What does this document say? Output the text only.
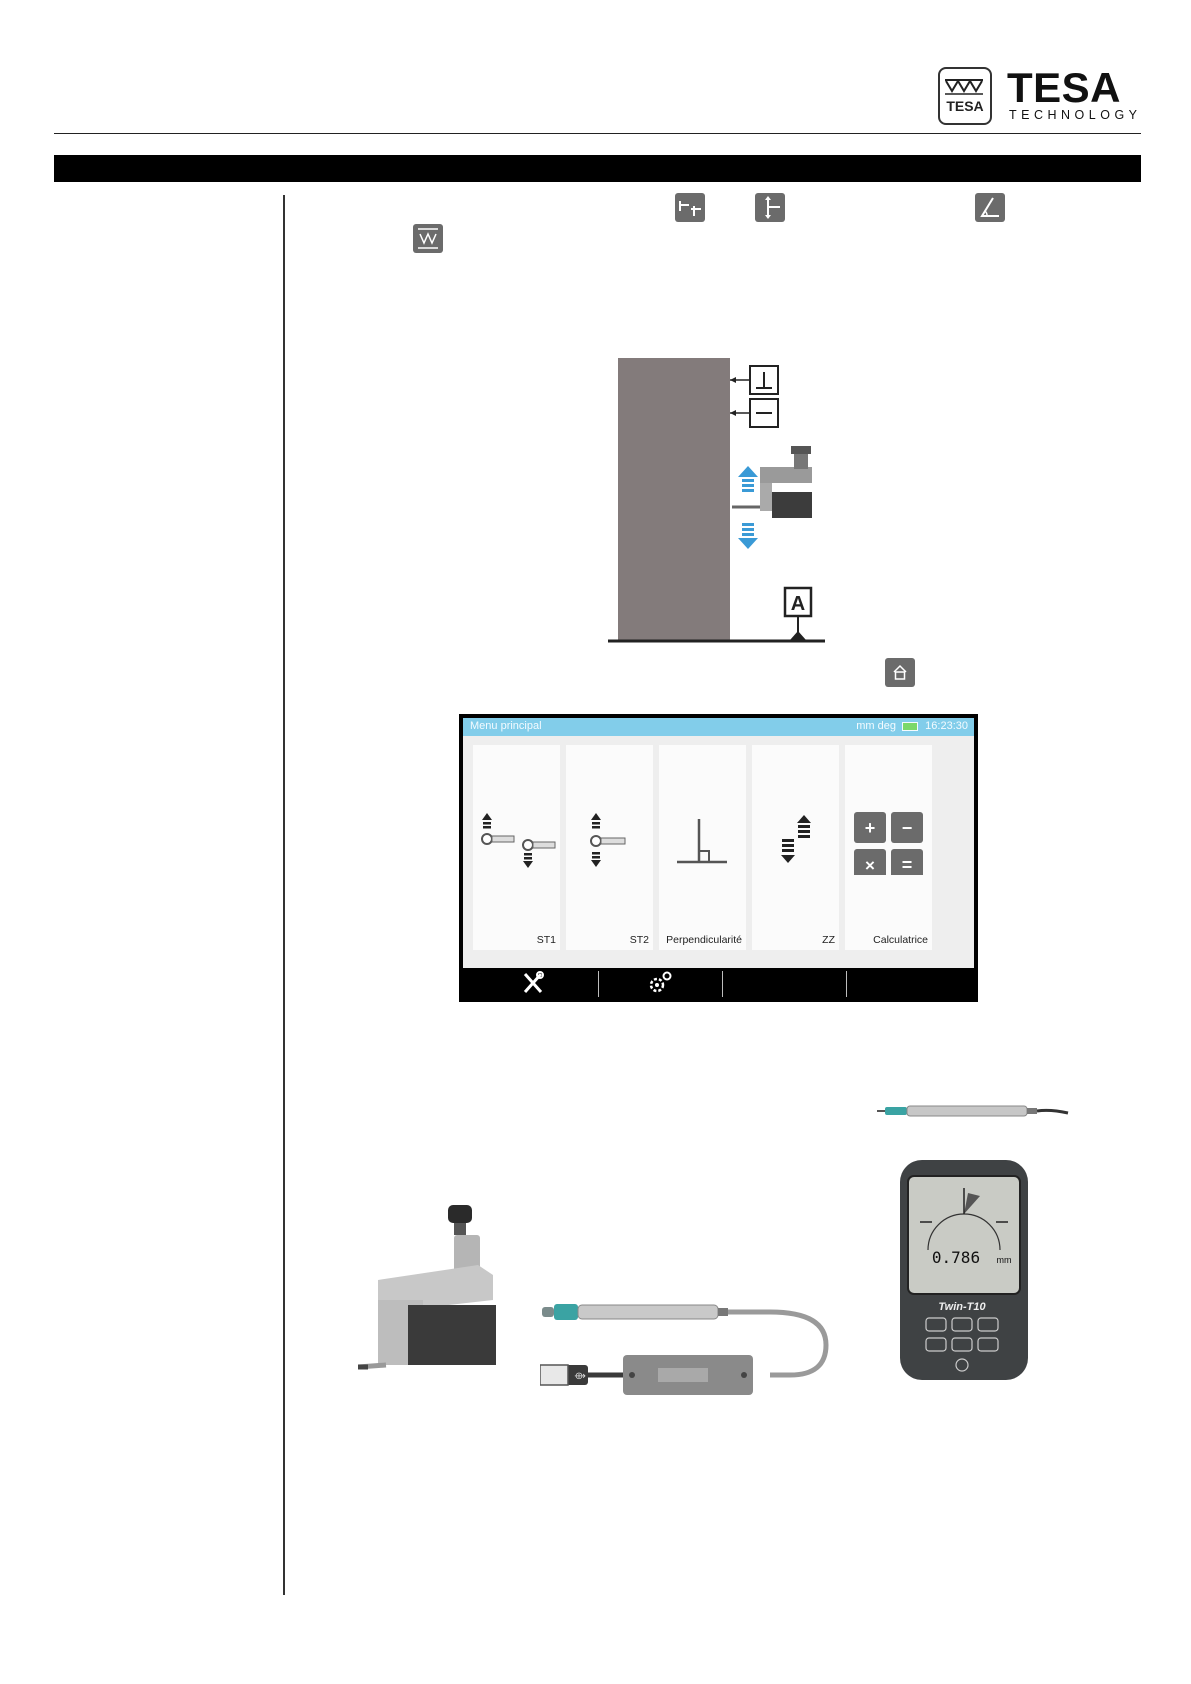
TESA TESA
TECHNOLOGY
A
Menu principal	mm deg	16:23:30
ST1	ST2 Perpendicularité	ZZ
+ −
× =
Calculatrice
⟴
0.786 mm
Twin-T10
